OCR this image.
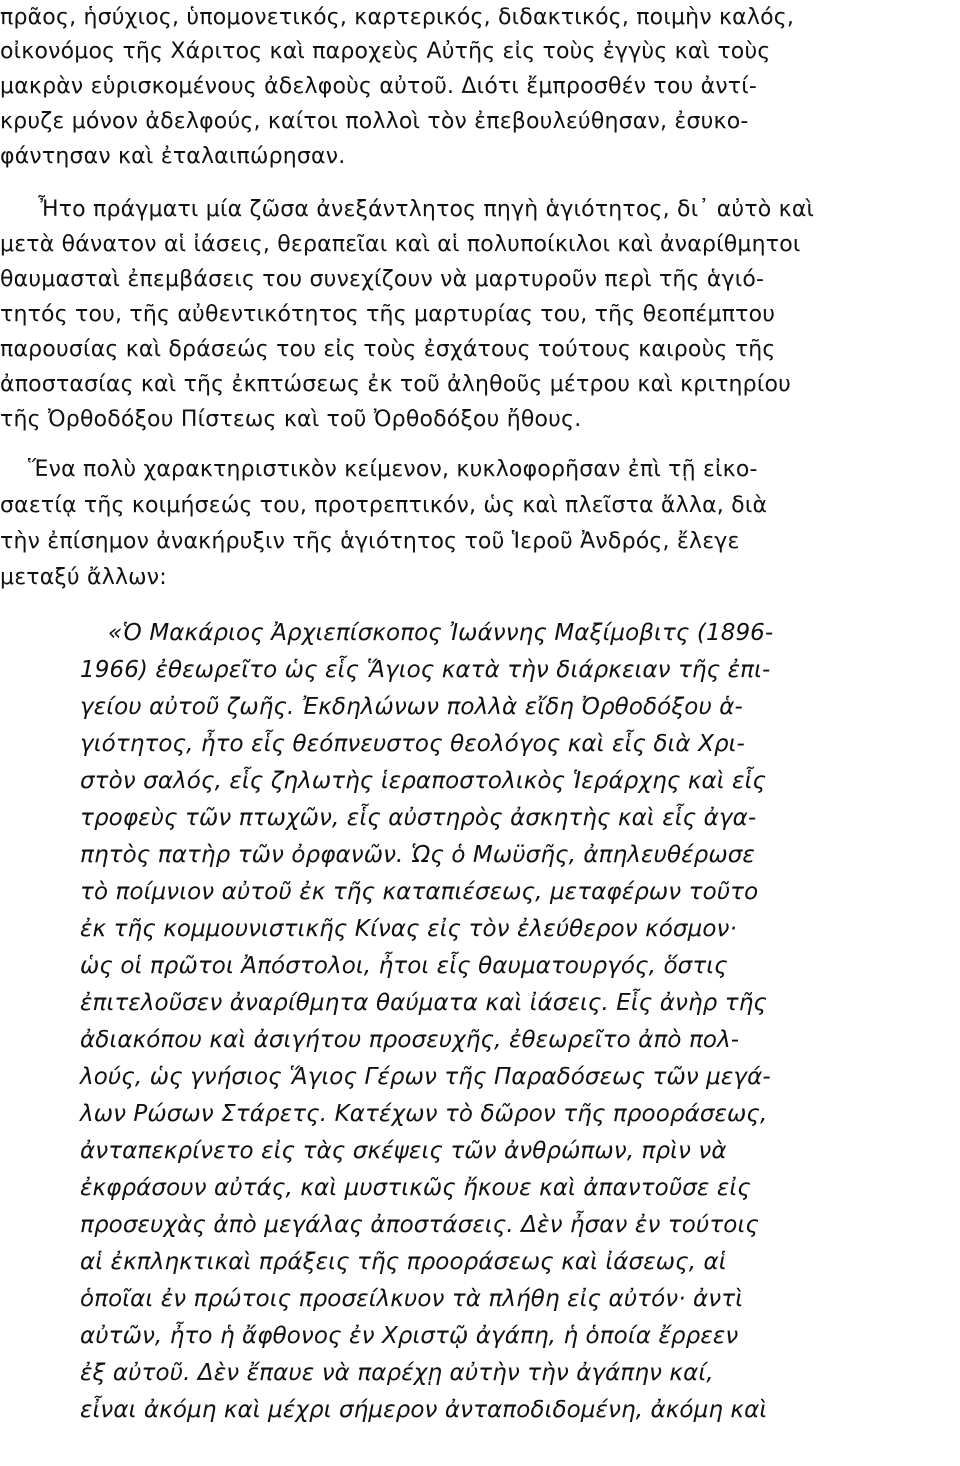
πρᾶος, ἡσύχιος, ὑπομονετικός, καρτερικός, διδακτικός, ποιμὴν καλός,
οἰκονόμος τῆς Χάριτος καὶ παροχεὺς Αὐτῆς εἰς τοὺς ἐγγὺς καὶ τοὺς
μακρὰν εὑρισκομένους ἀδελφοὺς αὐτοῦ. Διότι ἔμπροσθέν του ἀντί-
κρυζε μόνον ἀδελφούς, καίτοι πολλοὶ τὸν ἐπεβουλεύθησαν, ἐσυκο-
φάντησαν καὶ ἐταλαιπώρησαν.
Ἦτο πράγματι μία ζῶσα ἀνεξάντλητος πηγὴ ἁγιότητος, δι᾽ αὐτὸ καὶ
μετὰ θάνατον αἱ ἰάσεις, θεραπεῖαι καὶ αἱ πολυποίκιλοι καὶ ἀναρίθμητοι
θαυμασταὶ ἐπεμβάσεις του συνεχίζουν νὰ μαρτυροῦν περὶ τῆς ἁγιό-
τητός του, τῆς αὐθεντικότητος τῆς μαρτυρίας του, τῆς θεοπέμπτου
παρουσίας καὶ δράσεώς του εἰς τοὺς ἐσχάτους τούτους καιροὺς τῆς
ἀποστασίας καὶ τῆς ἐκπτώσεως ἐκ τοῦ ἀληθοῦς μέτρου καὶ κριτηρίου
τῆς Ὀρθοδόξου Πίστεως καὶ τοῦ Ὀρθοδόξου ἤθους.
Ἕνα πολὺ χαρακτηριστικὸν κείμενον, κυκλοφορῆσαν ἐπὶ τῇ εἰκο-
σαετίᾳ τῆς κοιμήσεώς του, προτρεπτικόν, ὡς καὶ πλεῖστα ἄλλα, διὰ
τὴν ἐπίσημον ἀνακήρυξιν τῆς ἁγιότητος τοῦ Ἱεροῦ Ἀνδρός, ἔλεγε
μεταξύ ἄλλων:
«Ὁ Μακάριος Ἀρχιεπίσκοπος Ἰωάννης Μαξίμοβιτς (1896-
1966) ἐθεωρεῖτο ὡς εἷς Ἅγιος κατὰ τὴν διάρκειαν τῆς ἐπι-
γείου αὐτοῦ ζωῆς. Ἐκδηλώνων πολλὰ εἴδη Ὀρθοδόξου ἁ-
γιότητος, ἦτο εἷς θεόπνευστος θεολόγος καὶ εἷς διὰ Χρι-
στὸν σαλός, εἷς ζηλωτὴς ἱεραποστολικὸς Ἱεράρχης καὶ εἷς
τροφεὺς τῶν πτωχῶν, εἷς αὐστηρὸς ἀσκητὴς καὶ εἷς ἀγα-
πητὸς πατὴρ τῶν ὀρφανῶν. Ὡς ὁ Μωϋσῆς, ἀπηλευθέρωσε
τὸ ποίμνιον αὐτοῦ ἐκ τῆς καταπιέσεως, μεταφέρων τοῦτο
ἐκ τῆς κομμουνιστικῆς Κίνας εἰς τὸν ἐλεύθερον κόσμον·
ὡς οἱ πρῶτοι Ἀπόστολοι, ἦτοι εἷς θαυματουργός, ὅστις
ἐπιτελοῦσεν ἀναρίθμητα θαύματα καὶ ἰάσεις. Εἷς ἀνὴρ τῆς
ἀδιακόπου καὶ ἀσιγήτου προσευχῆς, ἐθεωρεῖτο ἀπὸ πολ-
λούς, ὡς γνήσιος Ἅγιος Γέρων τῆς Παραδόσεως τῶν μεγά-
λων Ρώσων Στάρετς. Κατέχων τὸ δῶρον τῆς προοράσεως,
ἀνταπεκρίνετο εἰς τὰς σκέψεις τῶν ἀνθρώπων, πρὶν νὰ
ἐκφράσουν αὐτάς, καὶ μυστικῶς ἤκουε καὶ ἀπαντοῦσε εἰς
προσευχὰς ἀπὸ μεγάλας ἀποστάσεις. Δὲν ἦσαν ἐν τούτοις
αἱ ἐκπληκτικαὶ πράξεις τῆς προοράσεως καὶ ἰάσεως, αἱ
ὁποῖαι ἐν πρώτοις προσείλκυον τὰ πλήθη εἰς αὐτόν· ἀντὶ
αὐτῶν, ἦτο ἡ ἄφθονος ἐν Χριστῷ ἀγάπη, ἡ ὁποία ἔρρεεν
ἐξ αὐτοῦ. Δὲν ἔπαυε νὰ παρέχῃ αὐτὴν τὴν ἀγάπην καί,
εἶναι ἀκόμη καὶ μέχρι σήμερον ἀνταποδιδομένη, ἀκόμη καὶ
